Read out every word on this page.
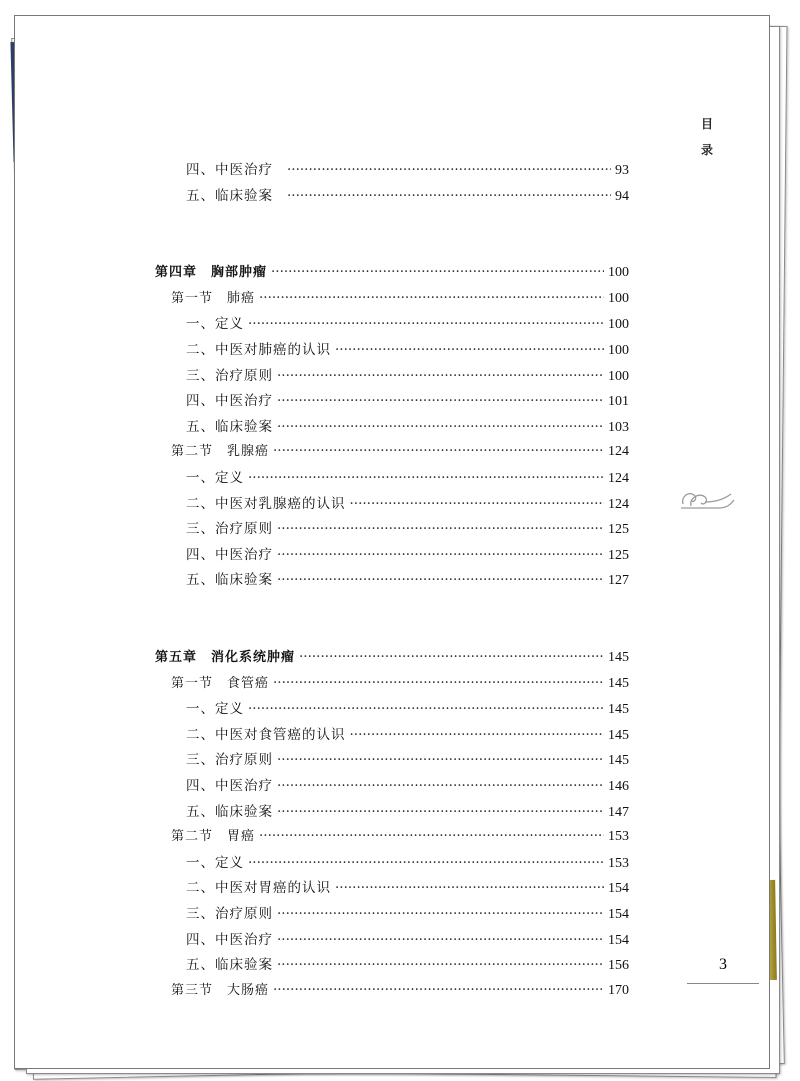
目
录
四、中医治疗 ·····	93
五、临床验案 ·····	94
第四章　胸部肿瘤 ·····	100
第一节　肺癌 ·····	100
一、定义 ·····	100
二、中医对肺癌的认识 ·····	100
三、治疗原则 ·····	100
四、中医治疗 ·····	101
五、临床验案 ·····	103
第二节　乳腺癌 ·····	124
一、定义 ·····	124
二、中医对乳腺癌的认识 ·····	124
三、治疗原则 ·····	125
四、中医治疗 ·····	125
五、临床验案 ·····	127
第五章　消化系统肿瘤 ·····	145
第一节　食管癌 ·····	145
一、定义 ·····	145
二、中医对食管癌的认识 ·····	145
三、治疗原则 ·····	145
四、中医治疗 ·····	146
五、临床验案 ·····	147
第二节　胃癌 ·····	153
一、定义 ·····	153
二、中医对胃癌的认识 ·····	154
三、治疗原则 ·····	154
四、中医治疗 ·····	154
五、临床验案 ·····	156
第三节　大肠癌 ·····	170
3
